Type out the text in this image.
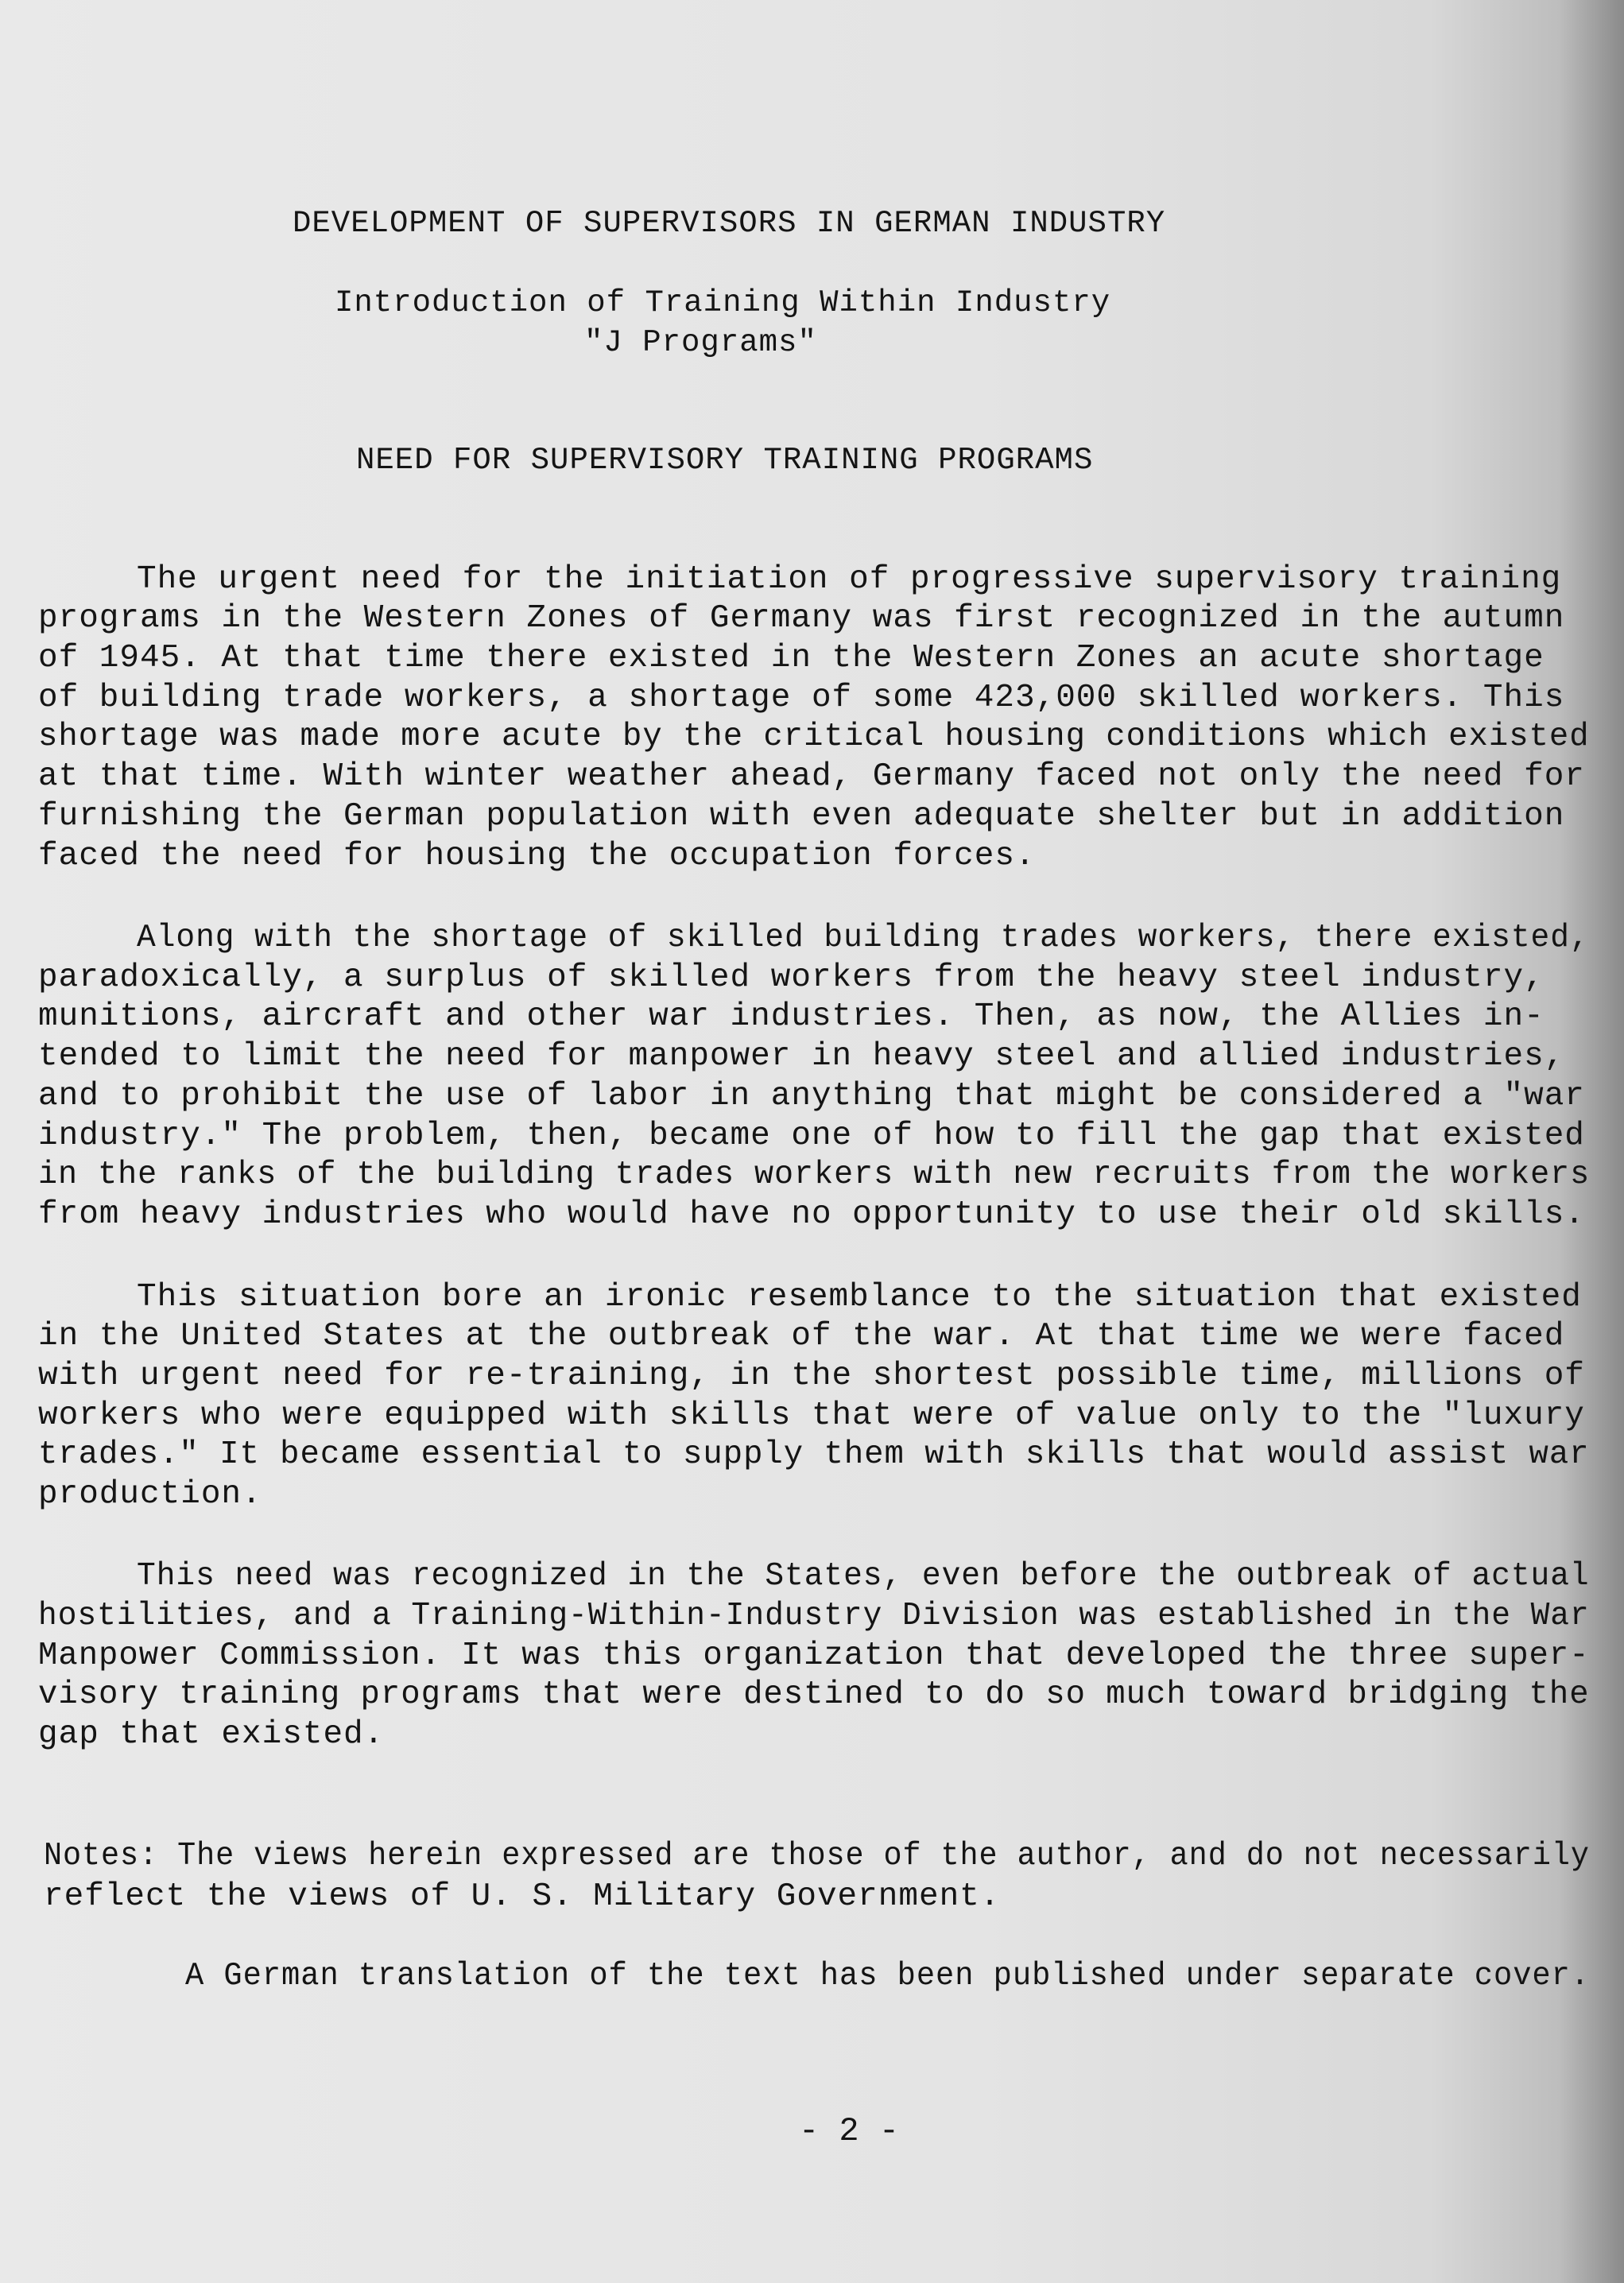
DEVELOPMENT OF SUPERVISORS IN GERMAN INDUSTRY
Introduction of Training Within Industry
"J Programs"
NEED FOR SUPERVISORY TRAINING PROGRAMS
The urgent need for the initiation of progressive supervisory training
programs in the Western Zones of Germany was first recognized in the autumn
of 1945. At that time there existed in the Western Zones an acute shortage
of building trade workers, a shortage of some 423,000 skilled workers. This
shortage was made more acute by the critical housing conditions which existed
at that time. With winter weather ahead, Germany faced not only the need for
furnishing the German population with even adequate shelter but in addition
faced the need for housing the occupation forces.
Along with the shortage of skilled building trades workers, there existed,
paradoxically, a surplus of skilled workers from the heavy steel industry,
munitions, aircraft and other war industries. Then, as now, the Allies in-
tended to limit the need for manpower in heavy steel and allied industries,
and to prohibit the use of labor in anything that might be considered a "war
industry." The problem, then, became one of how to fill the gap that existed
in the ranks of the building trades workers with new recruits from the workers
from heavy industries who would have no opportunity to use their old skills.
This situation bore an ironic resemblance to the situation that existed
in the United States at the outbreak of the war. At that time we were faced
with urgent need for re-training, in the shortest possible time, millions of
workers who were equipped with skills that were of value only to the "luxury
trades." It became essential to supply them with skills that would assist war
production.
This need was recognized in the States, even before the outbreak of actual
hostilities, and a Training-Within-Industry Division was established in the War
Manpower Commission. It was this organization that developed the three super-
visory training programs that were destined to do so much toward bridging the
gap that existed.
Notes: The views herein expressed are those of the author, and do not necessarily
reflect the views of U. S. Military Government.
A German translation of the text has been published under separate cover.
- 2 -
